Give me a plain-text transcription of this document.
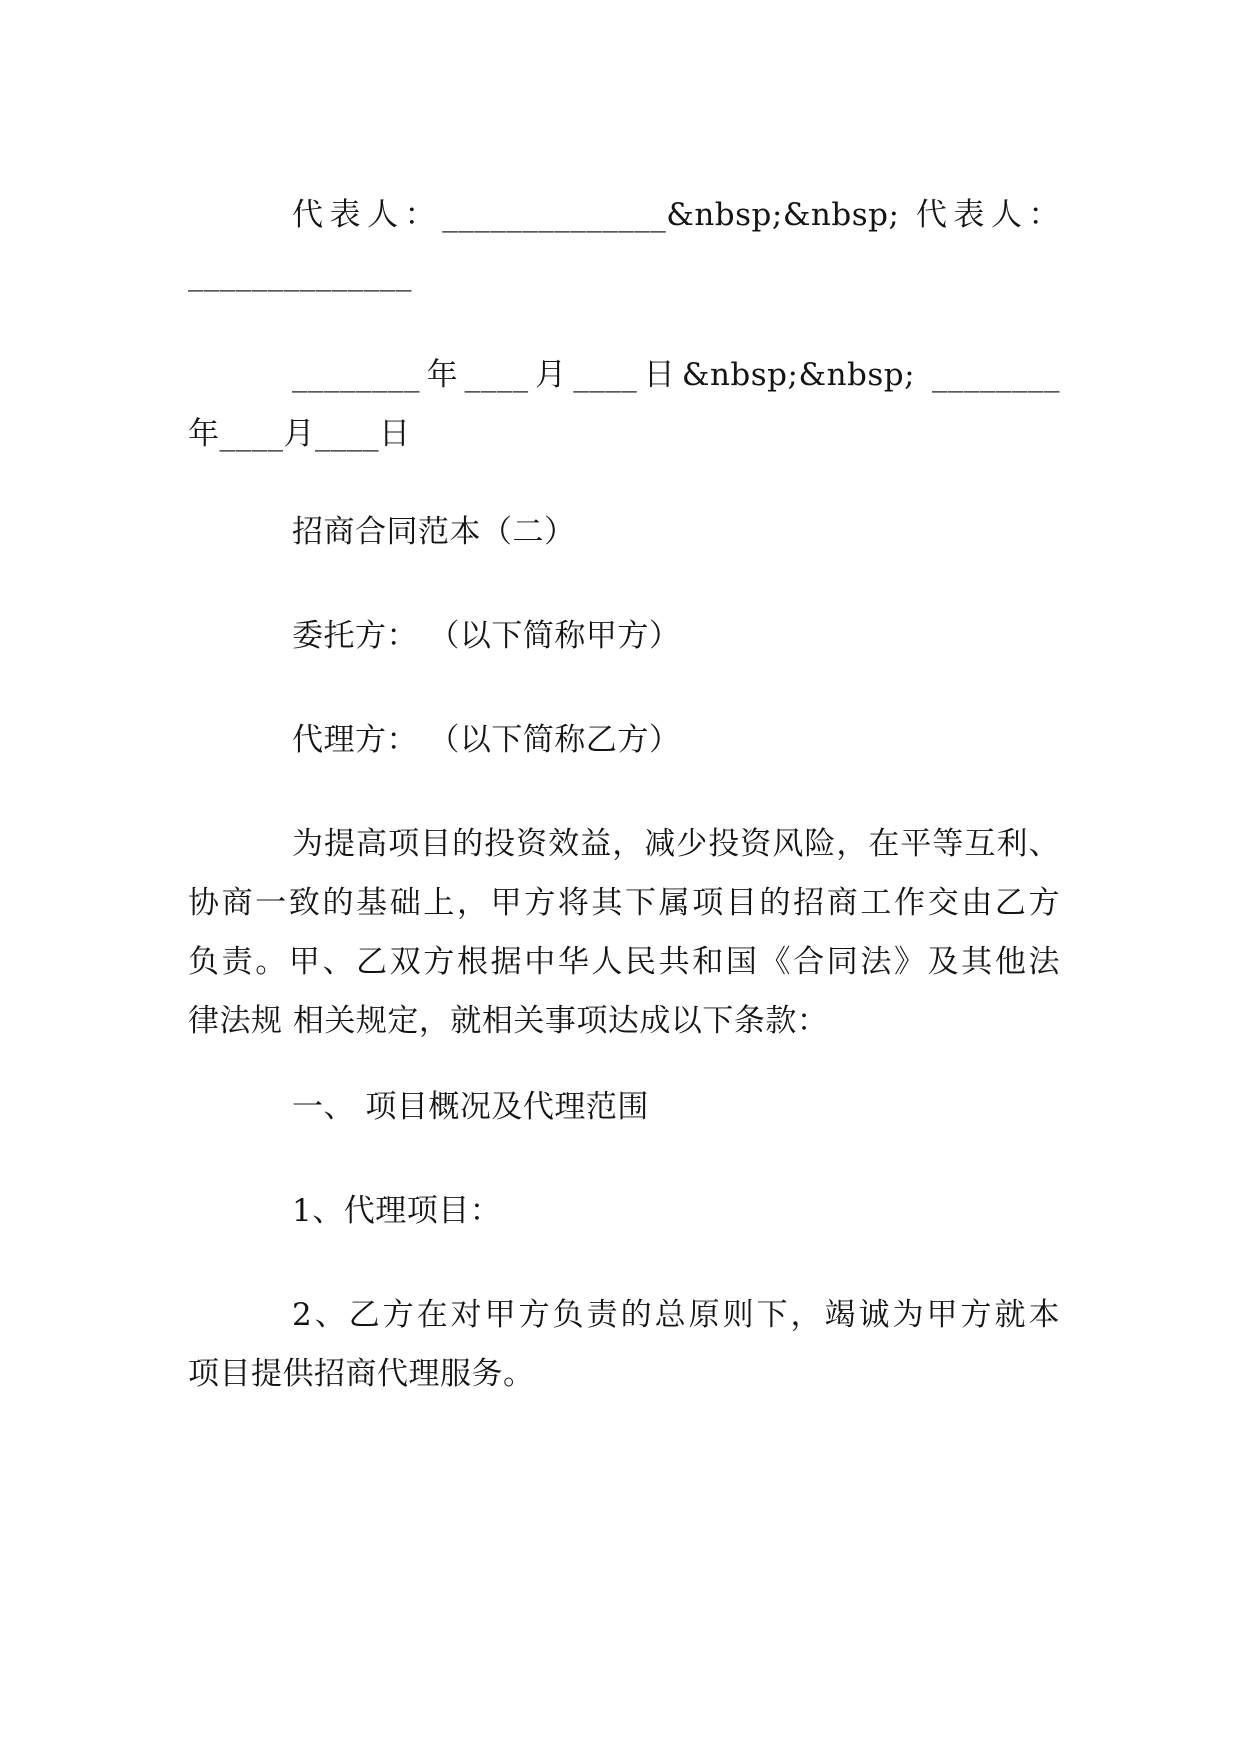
代表人：______________&nbsp;&nbsp; 代表人：
______________
________年____月____日&nbsp;&nbsp; ________
年____月____日
招商合同范本（二）
委托方： （以下简称甲方）
代理方： （以下简称乙方）
为提高项目的投资效益，减少投资风险，在平等互利、
协商一致的基础上，甲方将其下属项目的招商工作交由乙方
负责。甲、乙双方根据中华人民共和国《合同法》及其他法
律法规 相关规定，就相关事项达成以下条款：
一、 项目概况及代理范围
1、代理项目：
2、乙方在对甲方负责的总原则下，竭诚为甲方就本
项目提供招商代理服务。
